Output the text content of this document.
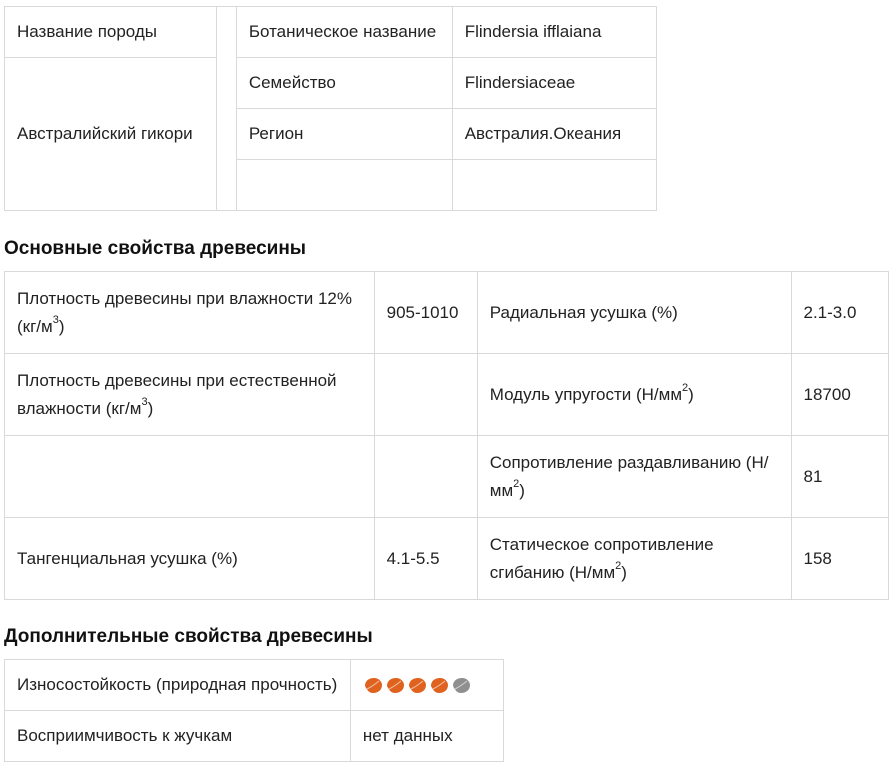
Название породы		Ботаническое название	Flindersia ifflaiana
Австралийский гикори		Семейство	Flindersiaceae
		Регион	Австралия.Океания

Основные свойства древесины
Плотность древесины при влажности 12% $(кг/м^3)$	905-1010	Радиальная усушка (%)	2.1-3.0
Плотность древесины при естественной влажности $(кг/м^3)$		Модуль упругости $(Н/мм^2)$	18700
		Сопротивление раздавливанию $(Н/мм^2)$	81
Тангенциальная усушка (%)	4.1-5.5	Статическое сопротивление сгибанию $(Н/мм^2)$	158
Дополнительные свойства древесины
Износостойкость (природная прочность)	

Восприимчивость к жучкам	нет данных
